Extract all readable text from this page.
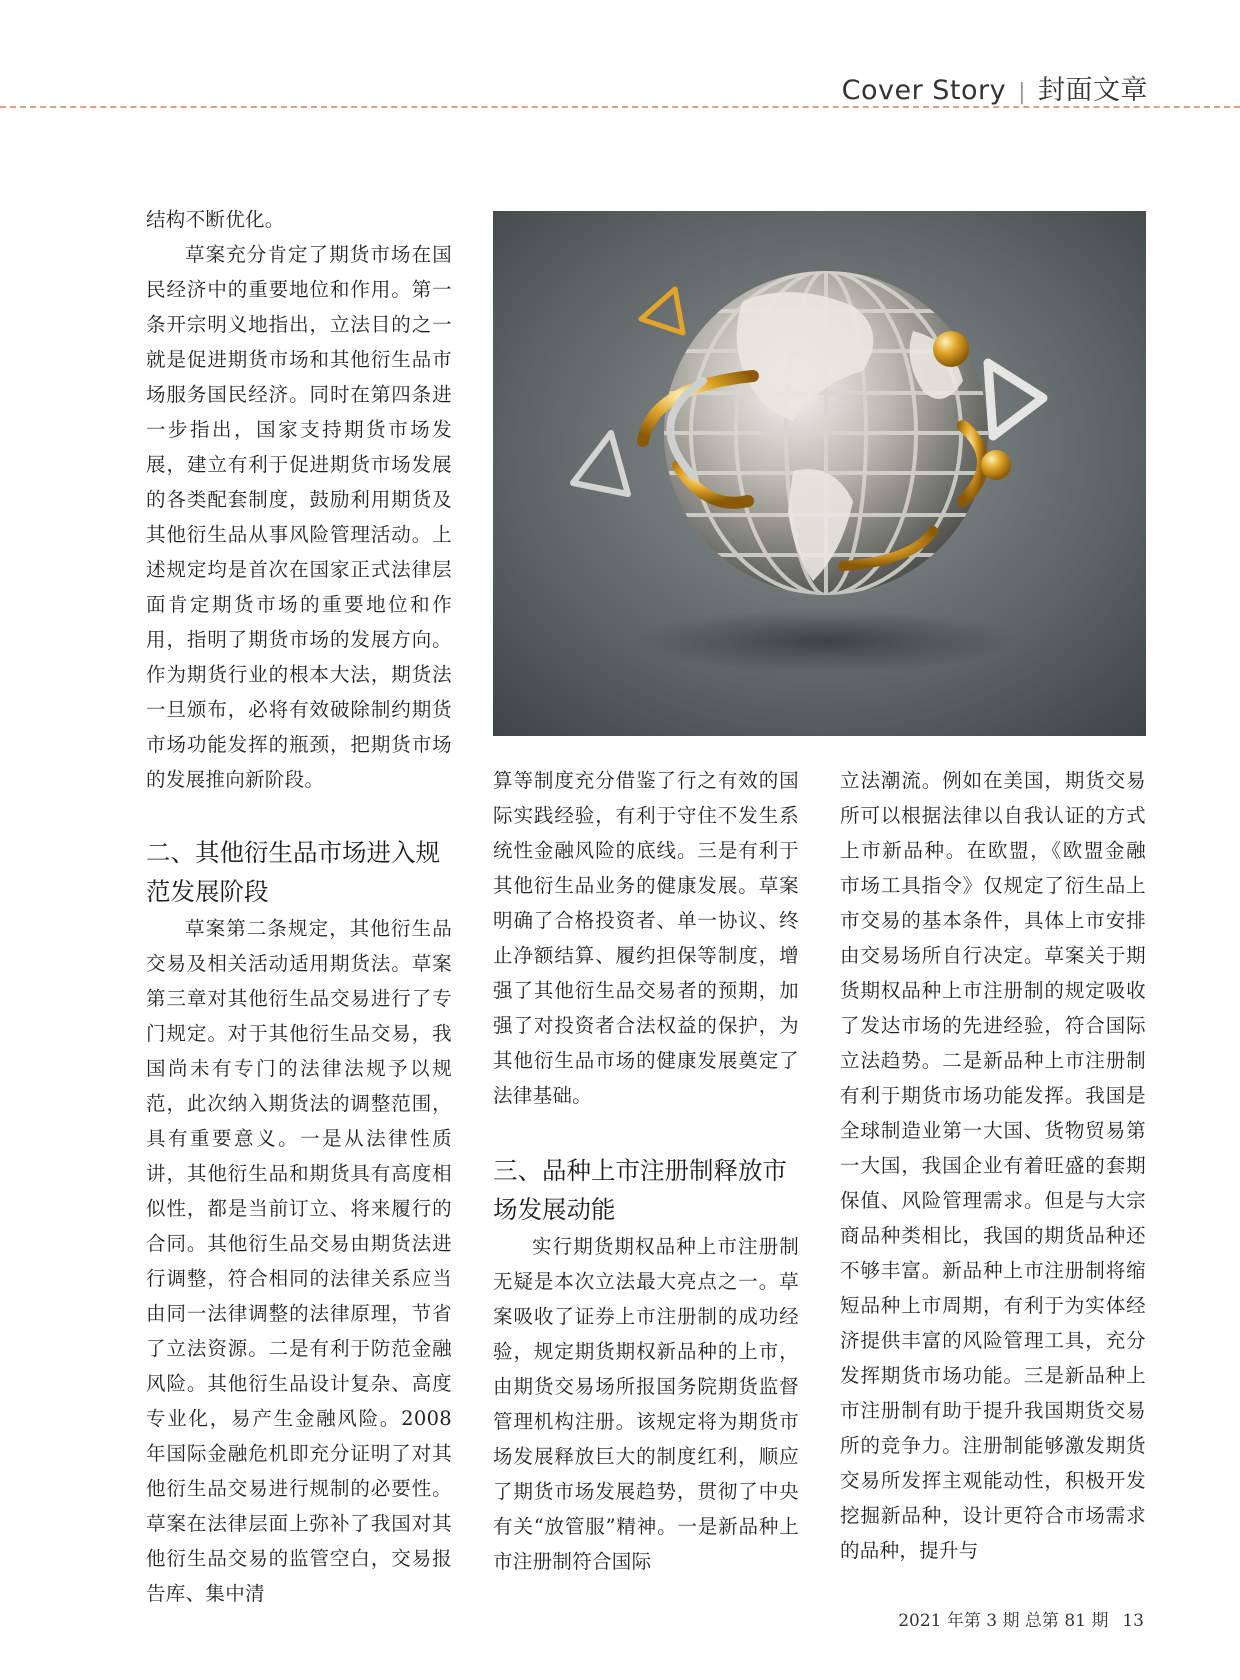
Cover Story | 封面文章

结构不断优化。

草案充分肯定了期货市场在国民经济中的重要地位和作用。第一条开宗明义地指出，立法目的之一就是促进期货市场和其他衍生品市场服务国民经济。同时在第四条进一步指出，国家支持期货市场发展，建立有利于促进期货市场发展的各类配套制度，鼓励利用期货及其他衍生品从事风险管理活动。上述规定均是首次在国家正式法律层面肯定期货市场的重要地位和作用，指明了期货市场的发展方向。作为期货行业的根本大法，期货法一旦颁布，必将有效破除制约期货市场功能发挥的瓶颈，把期货市场的发展推向新阶段。

二、其他衍生品市场进入规范发展阶段

草案第二条规定，其他衍生品交易及相关活动适用期货法。草案第三章对其他衍生品交易进行了专门规定。对于其他衍生品交易，我国尚未有专门的法律法规予以规范，此次纳入期货法的调整范围，具有重要意义。一是从法律性质讲，其他衍生品和期货具有高度相似性，都是当前订立、将来履行的合同。其他衍生品交易由期货法进行调整，符合相同的法律关系应当由同一法律调整的法律原理，节省了立法资源。二是有利于防范金融风险。其他衍生品设计复杂、高度专业化，易产生金融风险。2008 年国际金融危机即充分证明了对其他衍生品交易进行规制的必要性。草案在法律层面上弥补了我国对其他衍生品交易的监管空白，交易报告库、集中清

算等制度充分借鉴了行之有效的国际实践经验，有利于守住不发生系统性金融风险的底线。三是有利于其他衍生品业务的健康发展。草案明确了合格投资者、单一协议、终止净额结算、履约担保等制度，增强了其他衍生品交易者的预期，加强了对投资者合法权益的保护，为其他衍生品市场的健康发展奠定了法律基础。

三、品种上市注册制释放市场发展动能

实行期货期权品种上市注册制无疑是本次立法最大亮点之一。草案吸收了证券上市注册制的成功经验，规定期货期权新品种的上市，由期货交易场所报国务院期货监督管理机构注册。该规定将为期货市场发展释放巨大的制度红利，顺应了期货市场发展趋势，贯彻了中央有关“放管服”精神。一是新品种上市注册制符合国际

立法潮流。例如在美国，期货交易所可以根据法律以自我认证的方式上市新品种。在欧盟，《欧盟金融市场工具指令》仅规定了衍生品上市交易的基本条件，具体上市安排由交易场所自行决定。草案关于期货期权品种上市注册制的规定吸收了发达市场的先进经验，符合国际立法趋势。二是新品种上市注册制有利于期货市场功能发挥。我国是全球制造业第一大国、货物贸易第一大国，我国企业有着旺盛的套期保值、风险管理需求。但是与大宗商品种类相比，我国的期货品种还不够丰富。新品种上市注册制将缩短品种上市周期，有利于为实体经济提供丰富的风险管理工具，充分发挥期货市场功能。三是新品种上市注册制有助于提升我国期货交易所的竞争力。注册制能够激发期货交易所发挥主观能动性，积极开发挖掘新品种，设计更符合市场需求的品种，提升与

2021 年第 3 期 总第 81 期 13
